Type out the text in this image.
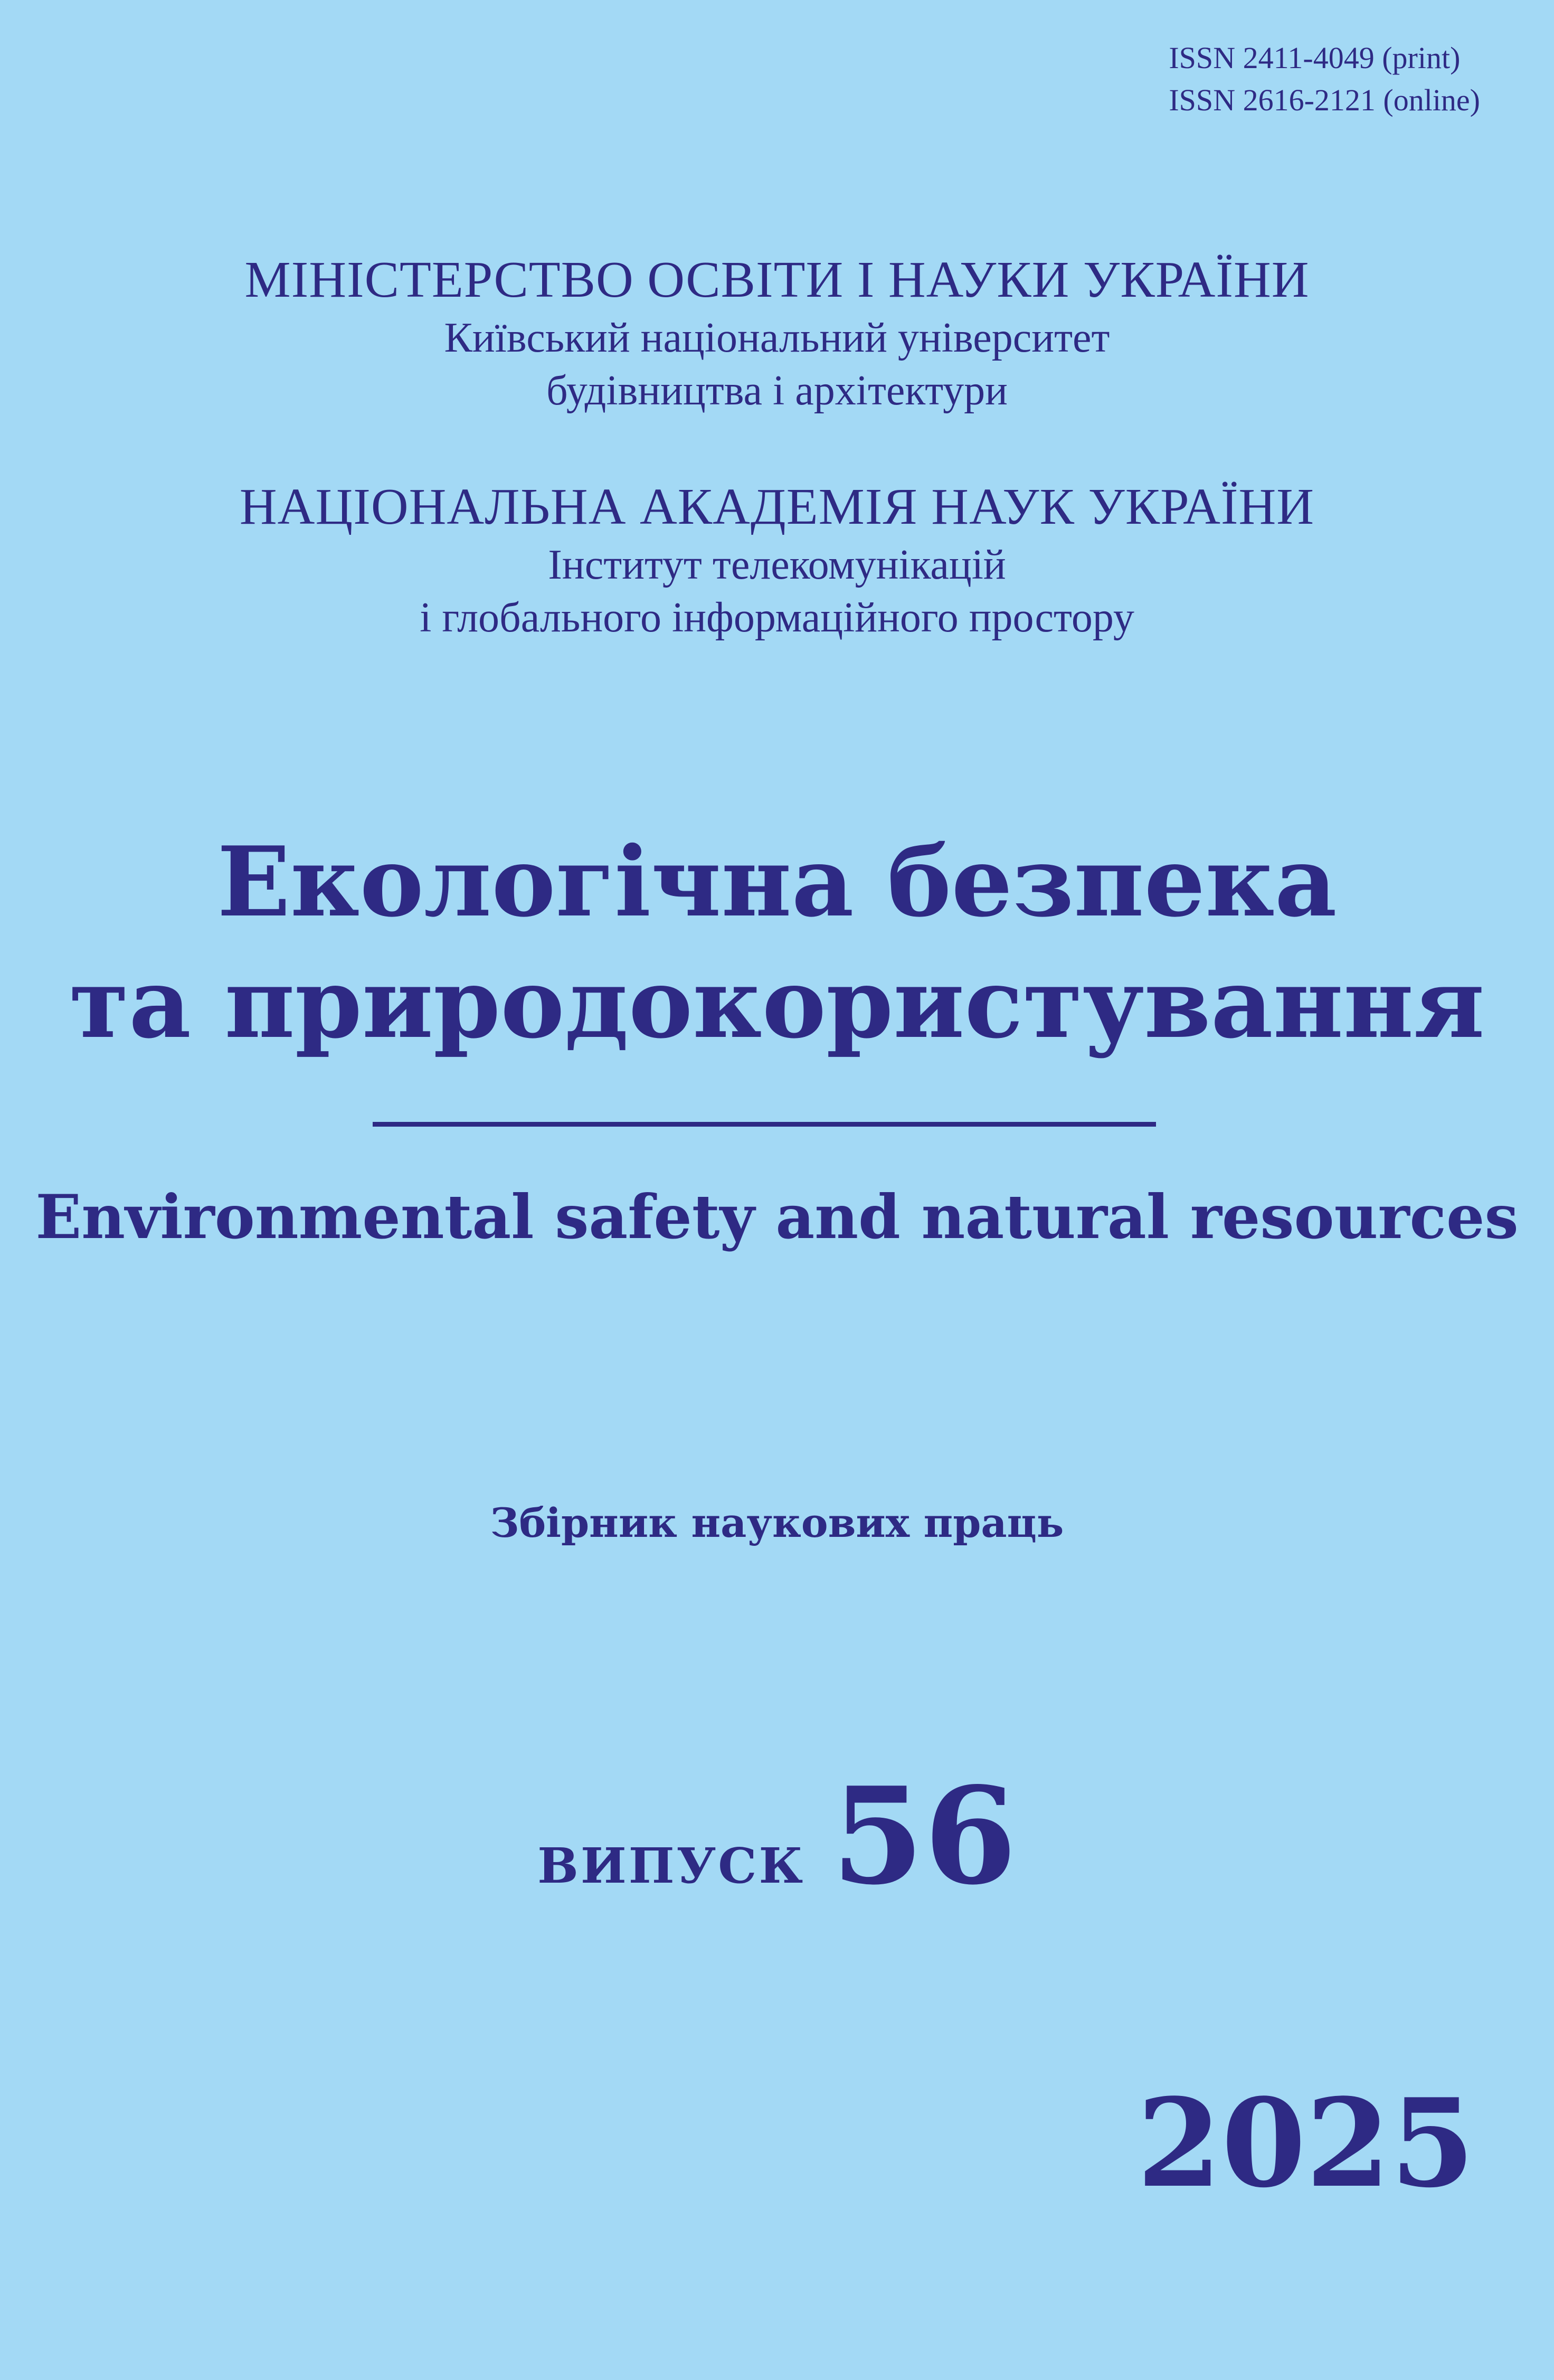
ISSN 2411-4049 (print)
ISSN 2616-2121 (online)
МІНІСТЕРСТВО ОСВІТИ І НАУКИ УКРАЇНИ
Київський національний університет
будівництва і архітектури
НАЦІОНАЛЬНА АКАДЕМІЯ НАУК УКРАЇНИ
Інститут телекомунікацій
і глобального інформаційного простору
Екологічна безпека
та природокористування
Environmental safety and natural resources
Збірник наукових праць
ВИПУСК 56
2025
